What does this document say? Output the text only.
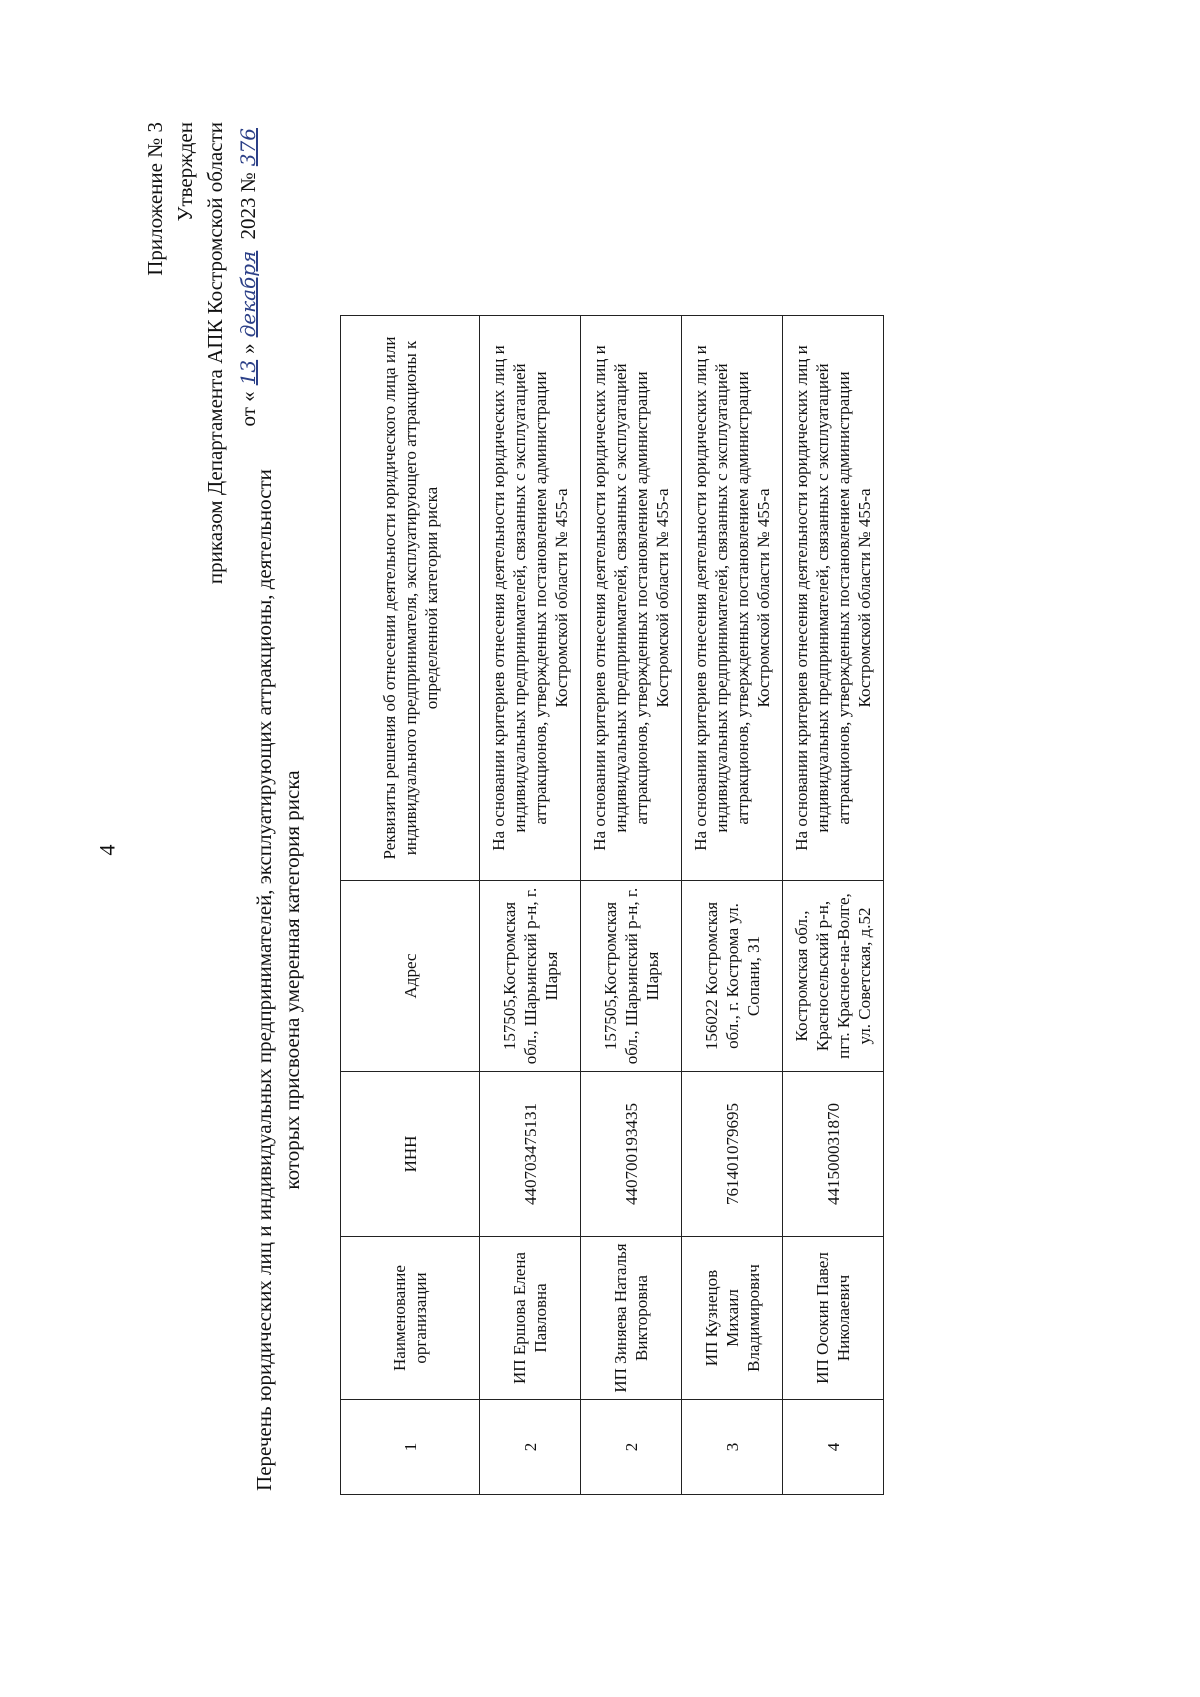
4
Приложение № 3 Утвержден приказом Департамента АПК Костромской области от «13»декабря 2023 №376
Перечень юридических лиц и индивидуальных предпринимателей, эксплуатирующих аттракционы, деятельности которых присвоена умеренная категория риска
1	Наименование организации	ИНН	Адрес	Реквизиты решения об отнесении деятельности юридического лица или индивидуального предпринимателя, эксплуатирующего аттракционы к определенной категории риска
2	ИП Ершова Елена Павловна	440703475131	157505,Костромская обл., Шарьинский р-н, г. Шарья	На основании критериев отнесения деятельности юридических лиц и индивидуальных предпринимателей, связанных с эксплуатацией аттракционов, утвержденных постановлением администрации Костромской области № 455-а
2	ИП Зиняева Наталья Викторовна	440700193435	157505,Костромская обл., Шарьинский р-н, г. Шарья	На основании критериев отнесения деятельности юридических лиц и индивидуальных предпринимателей, связанных с эксплуатацией аттракционов, утвержденных постановлением администрации Костромской области № 455-а
3	ИП Кузнецов Михаил Владимирович	761401079695	156022 Костромская обл., г. Кострома ул. Сопани, 31	На основании критериев отнесения деятельности юридических лиц и индивидуальных предпринимателей, связанных с эксплуатацией аттракционов, утвержденных постановлением администрации Костромской области № 455-а
4	ИП Осокин Павел Николаевич	441500031870	Костромская обл., Красносельский р-н, пгт. Красное-на-Волге, ул. Советская, д.52	На основании критериев отнесения деятельности юридических лиц и индивидуальных предпринимателей, связанных с эксплуатацией аттракционов, утвержденных постановлением администрации Костромской области № 455-а
